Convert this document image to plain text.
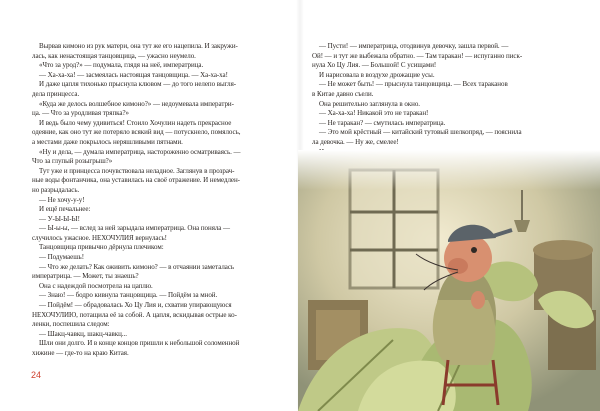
Вырвав кимоно из рук матери, она тут же его нацепила. И закружи-
лась, как ненастоящая танцовщица, — ужасно неумело.
«Что за урод?» — подумала, глядя на неё, императрица.
— Ха-ха-ха! — засмеялась настоящая танцовщица. — Ха-ха-ха!
И даже цапля тихонько прыснула клювом — до того нелепо выгля-
дела принцесса.
«Куда же делось волшебное кимоно?» — недоумевала императри-
ца. — Что за уродливая тряпка?»
И ведь было чему удивиться! Стоило Хочулин надеть прекрасное
одеяние, как оно тут же потеряло всякий вид — потускнело, помялось,
а местами даже покрылось неряшливыми пятнами.
«Ну и дела, — думала императрица, настороженно осматриваясь. —
Что за глупый розыгрыш?»
Тут уже и принцесса почувствовала неладное. Заглянув в прозрач-
ные воды фонтанчика, она уставилась на своё отражение. И немедлен-
но разрыдалась.
— Не хочу-у-у!
И ещё печальнее:
— У-Ы-Ы-Ы!
— Ы-ы-ы, — вслед за ней зарыдала императрица. Она поняла —
случилось ужасное. НЕХОЧУЛИЯ вернулась!
Танцовщица привычно дёрнула плечиком:
— Подумаешь!
— Что же делать? Как оживить кимоно? — в отчаянии заметалась
императрица. — Может, ты знаешь?
Она с надеждой посмотрела на цаплю.
— Знаю! — бодро кивнула танцовщица. — Пойдём за мной.
— Пойдём! — обрадовалась Хо Цу Лия и, схватив упирающуюся
НЕХОЧУЛИЮ, потащила её за собой. А цапля, вскидывая острые ко-
ленки, поспешила следом:
— Шакц-чавкц, шакц-чавкц...
Шли они долго. И в конце концов пришли к небольшой соломенной
хижине — где-то на краю Китая.
— Пусти! — императрица, отодвинув девочку, зашла первой. —
Ой! — и тут же выбежала обратно. — Там таракан! — испуганно писк-
нула Хо Цу Лия. — Большой! С усищами!
И нарисовала в воздухе дрожащие усы.
— Не может быть! — прыснула танцовщица. — Всех тараканов
в Китае давно съели.
Она решительно заглянула в окно.
— Ха-ха-ха! Никакой это не таракан!
— Не таракан? — смутилась императрица.
— Это мой крёстный — китайский тутовый шелкопряд, — пояснила
ла девочка. — Ну же, смелее!
24
